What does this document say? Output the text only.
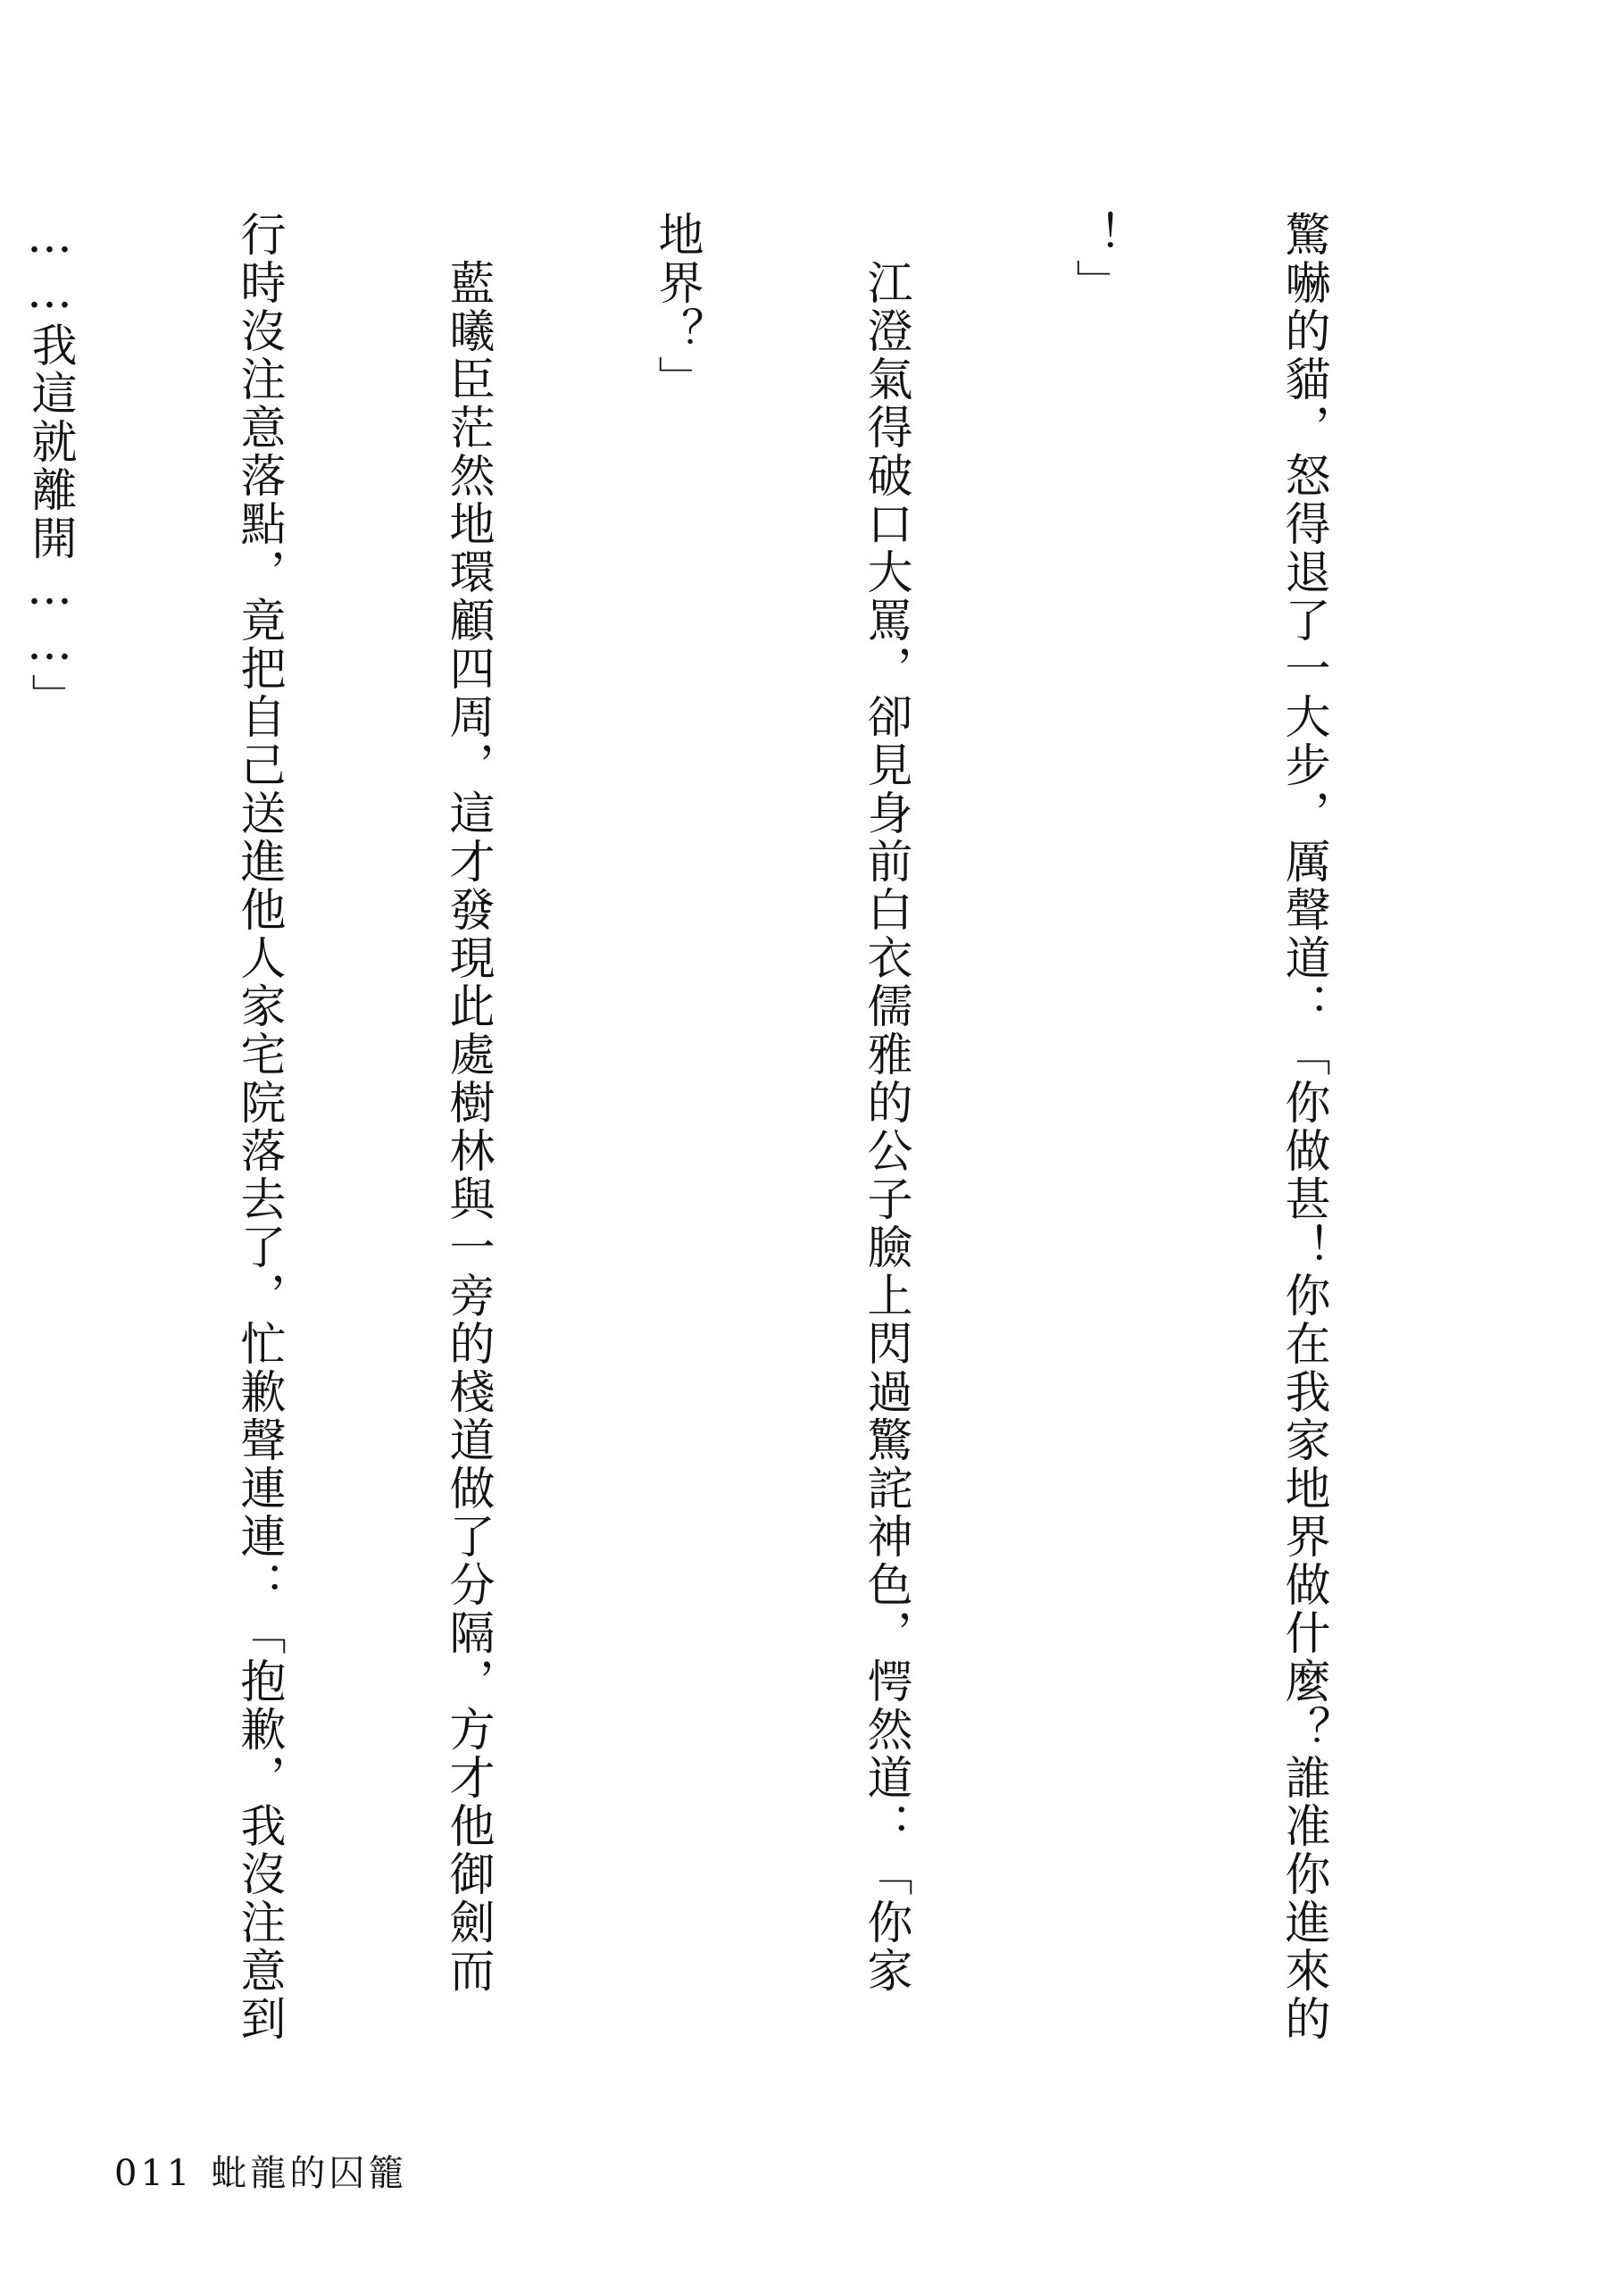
驚嚇的貓，怒得退了一大步，厲聲道：「你做甚！你在我家地界做什麼？誰准你進來的

！」

　江澄氣得破口大罵，卻見身前白衣儒雅的公子臉上閃過驚詫神色，愕然道：「你家

地界？」

　藍曦臣茫然地環顧四周，這才發現此處樹林與一旁的棧道做了分隔，方才他御劍而

行時沒注意落點，竟把自己送進他人家宅院落去了，忙歉聲連連：「抱歉，我沒注意到

……我這就離開……」

011 蚍龍的囚籠
